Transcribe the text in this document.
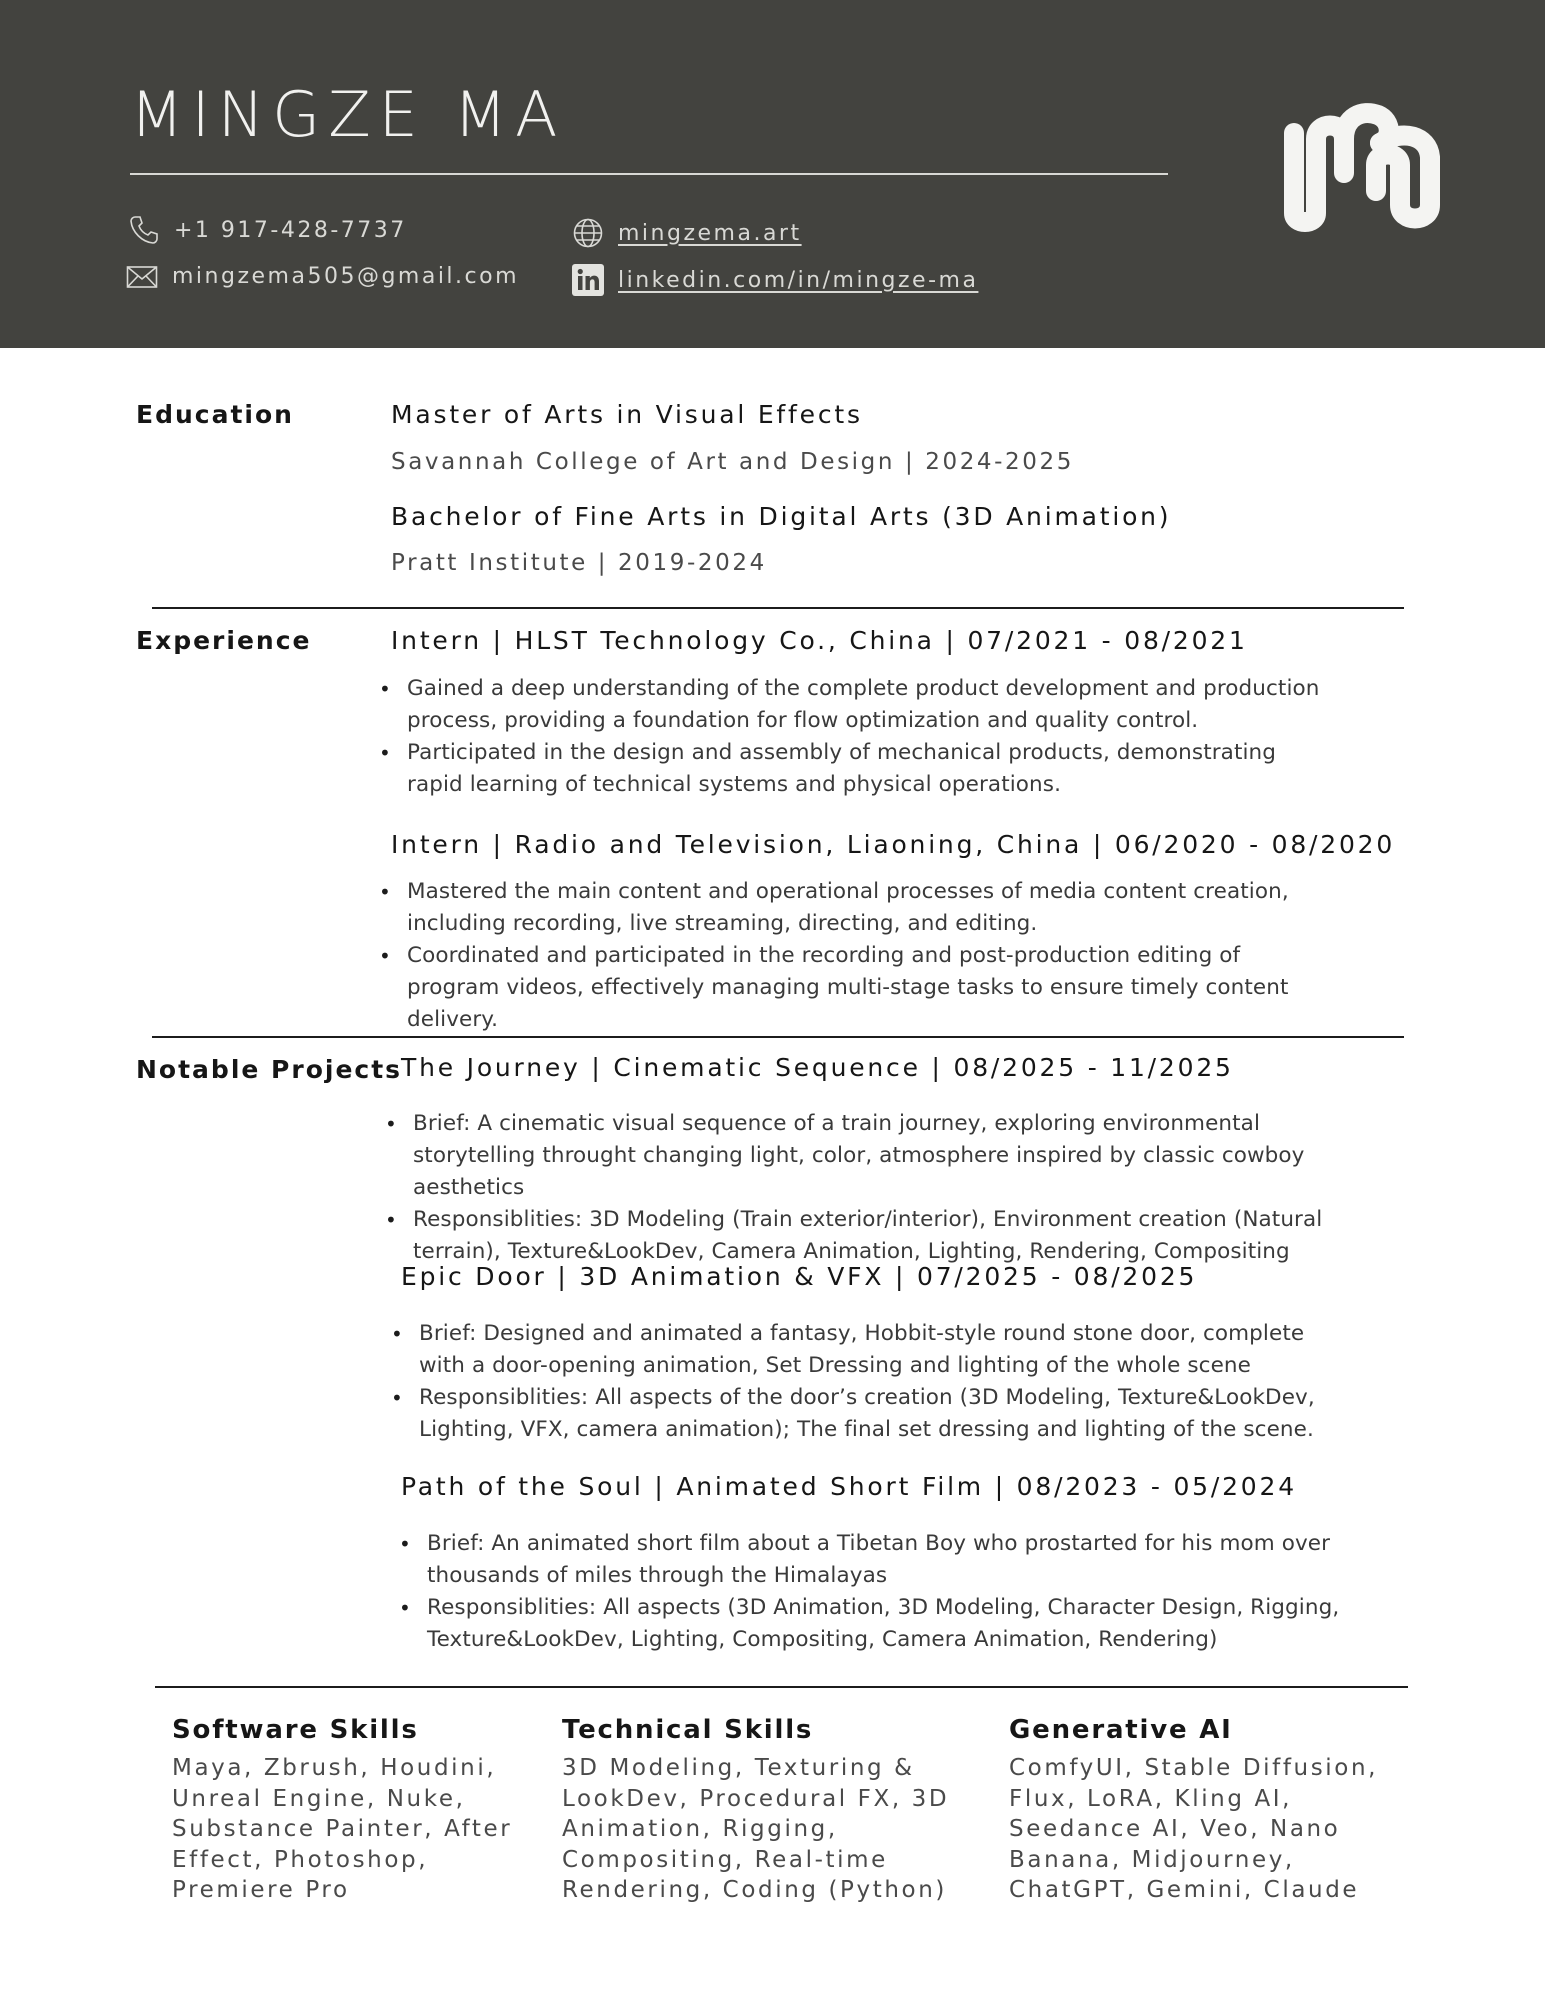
MINGZE MA
+1 917-428-7737
mingzema505@gmail.com
mingzema.art
linkedin.com/in/mingze-ma
Education	Master of Arts in Visual Effects
Savannah College of Art and Design | 2024-2025
Bachelor of Fine Arts in Digital Arts (3D Animation)
Pratt Institute | 2019-2024
Experience	Intern | HLST Technology Co., China | 07/2021 - 08/2021
• Gained a deep understanding of the complete product development and production process, providing a foundation for flow optimization and quality control.
• Participated in the design and assembly of mechanical products, demonstrating rapid learning of technical systems and physical operations.
Intern | Radio and Television, Liaoning, China | 06/2020 - 08/2020
• Mastered the main content and operational processes of media content creation, including recording, live streaming, directing, and editing.
• Coordinated and participated in the recording and post-production editing of program videos, effectively managing multi-stage tasks to ensure timely content delivery.
Notable Projects
The Journey | Cinematic Sequence | 08/2025 - 11/2025
• Brief: A cinematic visual sequence of a train journey, exploring environmental storytelling throught changing light, color, atmosphere inspired by classic cowboy aesthetics
• Responsiblities: 3D Modeling (Train exterior/interior), Environment creation (Natural terrain), Texture&LookDev, Camera Animation, Lighting, Rendering, Compositing
Epic Door | 3D Animation & VFX | 07/2025 - 08/2025
• Brief: Designed and animated a fantasy, Hobbit-style round stone door, complete with a door-opening animation, Set Dressing and lighting of the whole scene
• Responsiblities: All aspects of the door’s creation (3D Modeling, Texture&LookDev, Lighting, VFX, camera animation); The final set dressing and lighting of the scene.
Path of the Soul | Animated Short Film | 08/2023 - 05/2024
• Brief: An animated short film about a Tibetan Boy who prostarted for his mom over thousands of miles through the Himalayas
• Responsiblities: All aspects (3D Animation, 3D Modeling, Character Design, Rigging, Texture&LookDev, Lighting, Compositing, Camera Animation, Rendering)
Software Skills

Maya, Zbrush, Houdini, Unreal Engine, Nuke, Substance Painter, After Effect, Photoshop, Premiere Pro

Technical Skills

3D Modeling, Texturing & LookDev, Procedural FX, 3D Animation, Rigging, Compositing, Real-time Rendering, Coding (Python)

Generative AI

ComfyUI, Stable Diffusion, Flux, LoRA, Kling AI, Seedance AI, Veo, Nano Banana, Midjourney, ChatGPT, Gemini, Claude
